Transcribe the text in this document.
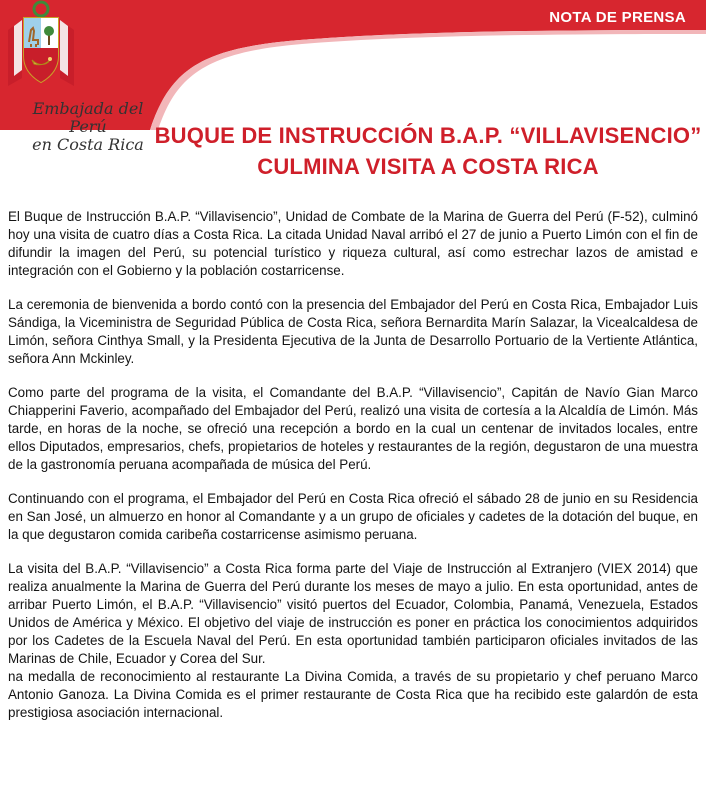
NOTA DE PRENSA
Embajada del Perú
en Costa Rica BUQUE DE INSTRUCCIÓN B.A.P. “VILLAVISENCIO”
CULMINA VISITA A COSTA RICA

El Buque de Instrucción B.A.P. “Villavisencio”, Unidad de Combate de la Marina de Guerra del Perú (F-52), culminó hoy una visita de cuatro días a Costa Rica. La citada Unidad Naval arribó el 27 de junio a Puerto Limón con el fin de difundir la imagen del Perú, su potencial turístico y riqueza cultural, así como estrechar lazos de amistad e integración con el Gobierno y la población costarricense.

La ceremonia de bienvenida a bordo contó con la presencia del Embajador del Perú en Costa Rica, Embajador Luis Sándiga, la Viceministra de Seguridad Pública de Costa Rica, señora Bernardita Marín Salazar, la Vicealcaldesa de Limón, señora Cinthya Small, y la Presidenta Ejecutiva de la Junta de Desarrollo Portuario de la Vertiente Atlántica, señora Ann Mckinley.

Como parte del programa de la visita, el Comandante del B.A.P. “Villavisencio”, Capitán de Navío Gian Marco Chiapperini Faverio, acompañado del Embajador del Perú, realizó una visita de cortesía a la Alcaldía de Limón. Más tarde, en horas de la noche, se ofreció una recepción a bordo en la cual un centenar de invitados locales, entre ellos Diputados, empresarios, chefs, propietarios de hoteles y restaurantes de la región, degustaron de una muestra de la gastronomía peruana acompañada de música del Perú.

Continuando con el programa, el Embajador del Perú en Costa Rica ofreció el sábado 28 de junio en su Residencia en San José, un almuerzo en honor al Comandante y a un grupo de oficiales y cadetes de la dotación del buque, en la que degustaron comida caribeña costarricense asimismo peruana.

La visita del B.A.P. “Villavisencio” a Costa Rica forma parte del Viaje de Instrucción al Extranjero (VIEX 2014) que realiza anualmente la Marina de Guerra del Perú durante los meses de mayo a julio. En esta oportunidad, antes de arribar Puerto Limón, el B.A.P. “Villavisencio” visitó puertos del Ecuador, Colombia, Panamá, Venezuela, Estados Unidos de América y México. El objetivo del viaje de instrucción es poner en práctica los conocimientos adquiridos por los Cadetes de la Escuela Naval del Perú. En esta oportunidad también participaron oficiales invitados de las Marinas de Chile, Ecuador y Corea del Sur.

na medalla de reconocimiento al restaurante La Divina Comida, a través de su propietario y chef peruano Marco Antonio Ganoza. La Divina Comida es el primer restaurante de Costa Rica que ha recibido este galardón de esta prestigiosa asociación internacional.
